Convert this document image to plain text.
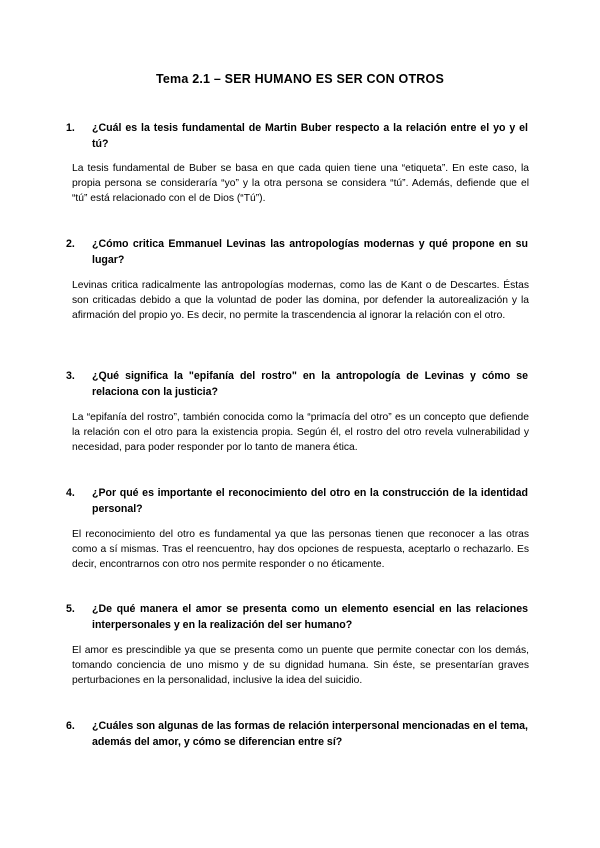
Tema 2.1 – SER HUMANO ES SER CON OTROS
1. ¿Cuál es la tesis fundamental de Martin Buber respecto a la relación entre el yo y el tú?
La tesis fundamental de Buber se basa en que cada quien tiene una “etiqueta”. En este caso, la propia persona se consideraría “yo” y la otra persona se considera “tú”. Además, defiende que el “tú” está relacionado con el de Dios (“Tú”).
2. ¿Cómo critica Emmanuel Levinas las antropologías modernas y qué propone en su lugar?
Levinas critica radicalmente las antropologías modernas, como las de Kant o de Descartes. Éstas son criticadas debido a que la voluntad de poder las domina, por defender la autorealización y la afirmación del propio yo. Es decir, no permite la trascendencia al ignorar la relación con el otro.
3. ¿Qué significa la "epifanía del rostro" en la antropología de Levinas y cómo se relaciona con la justicia?
La “epifanía del rostro”, también conocida como la “primacía del otro” es un concepto que defiende la relación con el otro para la existencia propia. Según él, el rostro del otro revela vulnerabilidad y necesidad, para poder responder por lo tanto de manera ética.
4. ¿Por qué es importante el reconocimiento del otro en la construcción de la identidad personal?
El reconocimiento del otro es fundamental ya que las personas tienen que reconocer a las otras como a sí mismas. Tras el reencuentro, hay dos opciones de respuesta, aceptarlo o rechazarlo. Es decir, encontrarnos con otro nos permite responder o no éticamente.
5. ¿De qué manera el amor se presenta como un elemento esencial en las relaciones interpersonales y en la realización del ser humano?
El amor es prescindible ya que se presenta como un puente que permite conectar con los demás, tomando conciencia de uno mismo y de su dignidad humana. Sin éste, se presentarían graves perturbaciones en la personalidad, inclusive la idea del suicidio.
6. ¿Cuáles son algunas de las formas de relación interpersonal mencionadas en el tema, además del amor, y cómo se diferencian entre sí?
